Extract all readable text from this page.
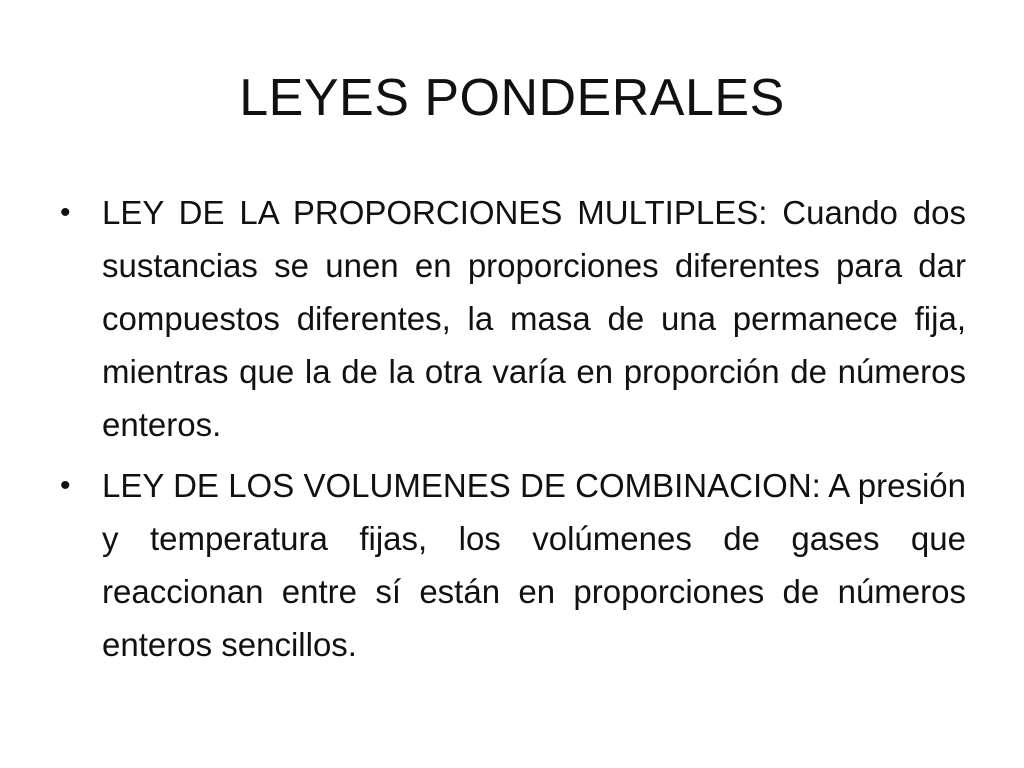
LEYES PONDERALES
• LEY DE LA PROPORCIONES MULTIPLES: Cuando dos sustancias se unen en proporciones diferentes para dar compuestos diferentes, la masa de una permanece fija, mientras que la de la otra varía en proporción de números enteros.
• LEY DE LOS VOLUMENES DE COMBINACION: A presión y temperatura fijas, los volúmenes de gases que reaccionan entre sí están en proporciones de números enteros sencillos.
